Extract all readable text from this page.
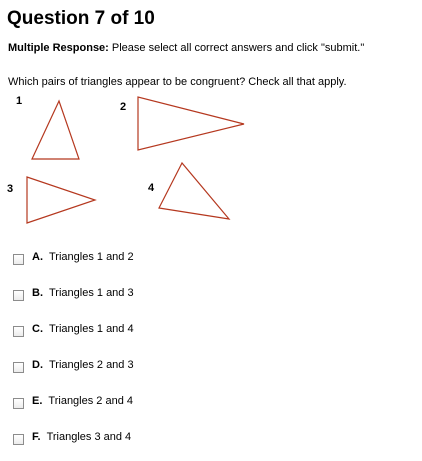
Question 7 of 10
Multiple Response: Please select all correct answers and click "submit."
Which pairs of triangles appear to be congruent? Check all that apply.
1	2
3	4
A. Triangles 1 and 2
B. Triangles 1 and 3
C. Triangles 1 and 4
D. Triangles 2 and 3
E. Triangles 2 and 4
F. Triangles 3 and 4
